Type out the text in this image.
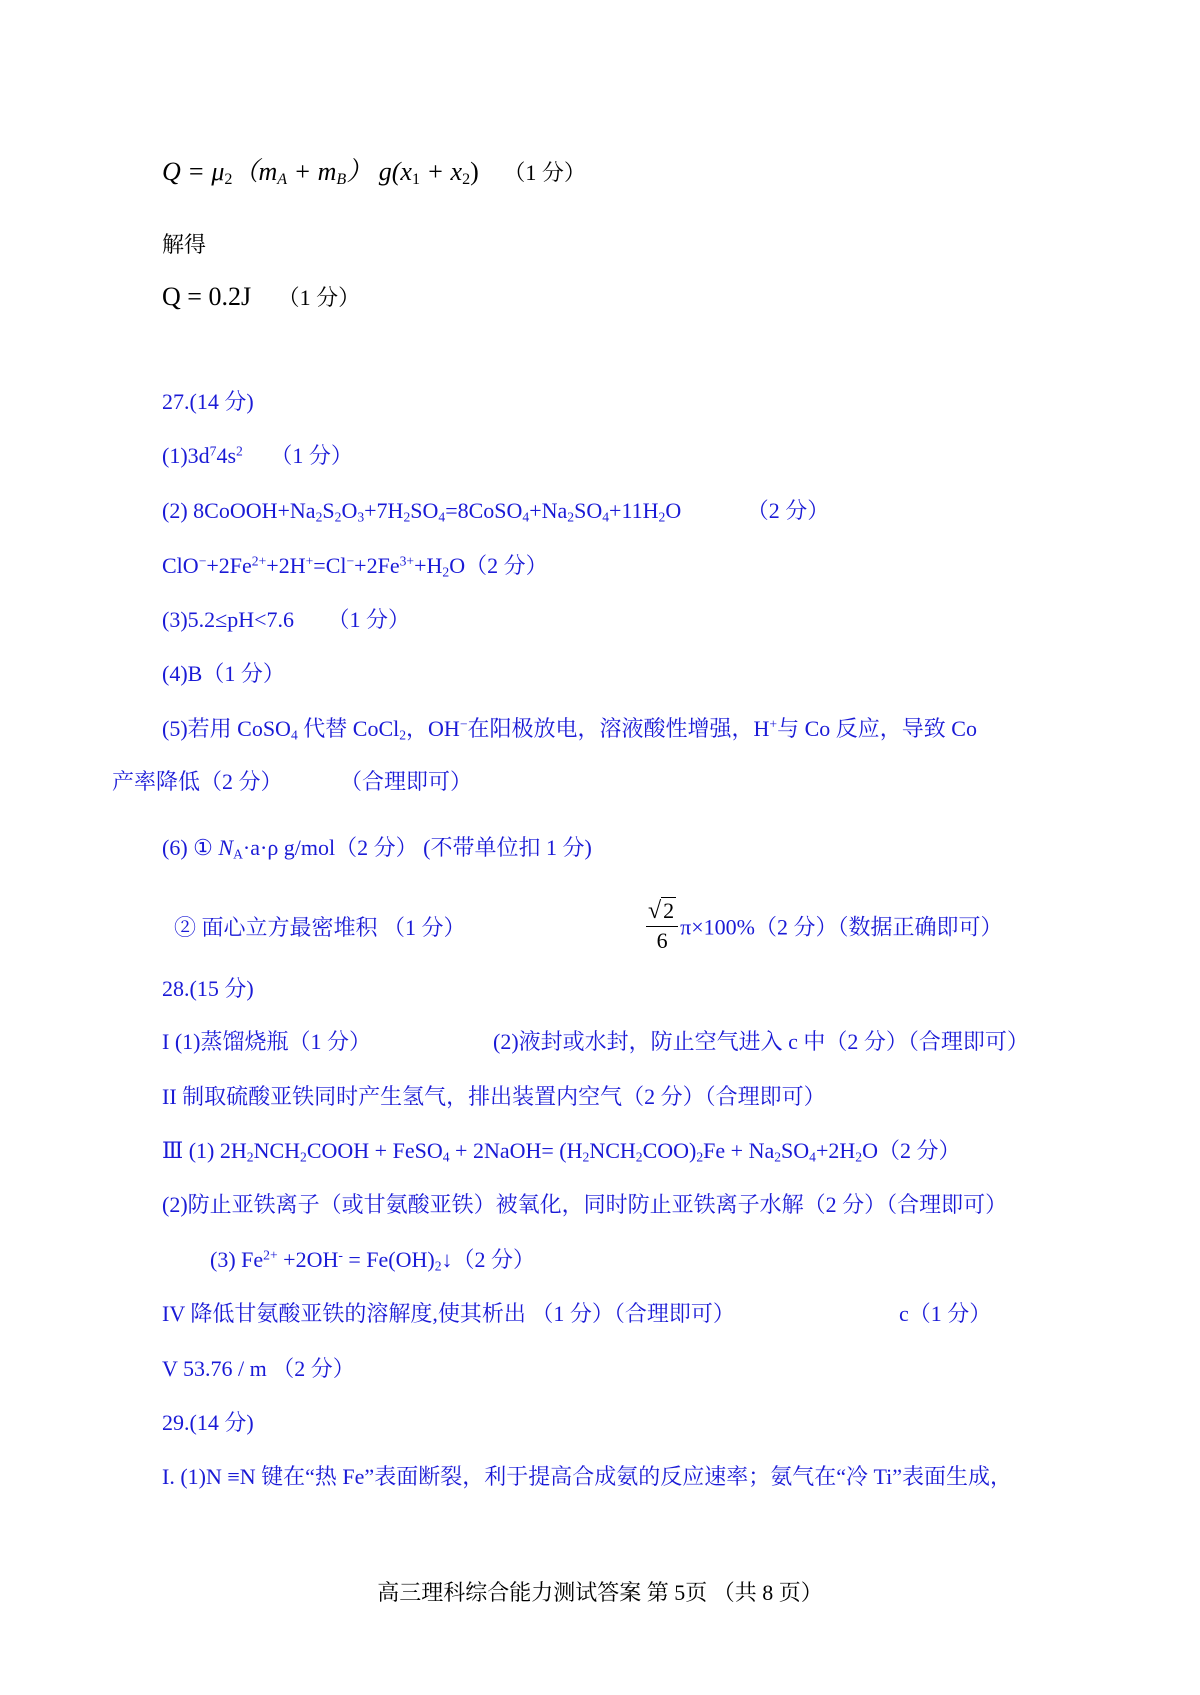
$Q = \mu_2(m_A + m_B) g(x_1 + x_2)$ （1 分）
解得
Q = 0.2J （1 分）
27.(14 分)
$(1)3d^74s^2$ （1 分）
(2) $8CoOOH+Na_2S_2O_3+7H_2SO_4=8CoSO_4+Na_2SO_4+11H_2O$	（2 分）
$ClO^-+2Fe^{2+}+2H^+=Cl^-+2Fe^{3+}+H_2O(2$ 分）
(3)5.2≤pH<7.6 （1 分）
(4)B（1 分）
(5)若用 CoSO$_4$ 代替 CoCl$_2$，OH−在阳极放电，溶液酸性增强，H+与 Co 反应，导致 Co
产率降低（2 分）	（合理即可）
(6) ① $N_A\cdot a\cdot\rho$ g/mol（2 分） (不带单位扣 1 分)
② 面心立方最密堆积 （1 分）	$\frac{√2}{6} \pi\times 100\%(2$ 分）（数据正确即可）
28.(15 分)
I (1)蒸馏烧瓶（1 分）	(2)液封或水封，防止空气进入 c 中（2 分）（合理即可）
II 制取硫酸亚铁同时产生氢气，排出装置内空气（2 分）（合理即可）
Ⅲ (1) $2H_2NCH_2COOH$ + FeSO$_4$ + 2NaOH= $(H_2NCH_2COO)_2Fe + Na_2SO_4+2H_2O(2$ 分）
(2)防止亚铁离子（或甘氨酸亚铁）被氧化，同时防止亚铁离子水解（2 分）（合理即可）
(3) $Fe^{2+} +2OH^-$ = $Fe(OH)_2↓(2$ 分）
IV 降低甘氨酸亚铁的溶解度,使其析出 （1 分）（合理即可）	c（1 分）
V 53.76 / m （2 分）
29.(14 分)
I. (1)N ≡N 键在“热 Fe”表面断裂，利于提高合成氨的反应速率；氨气在“冷 Ti”表面生成，
高三理科综合能力测试答案 第 5页 （共 8 页）
